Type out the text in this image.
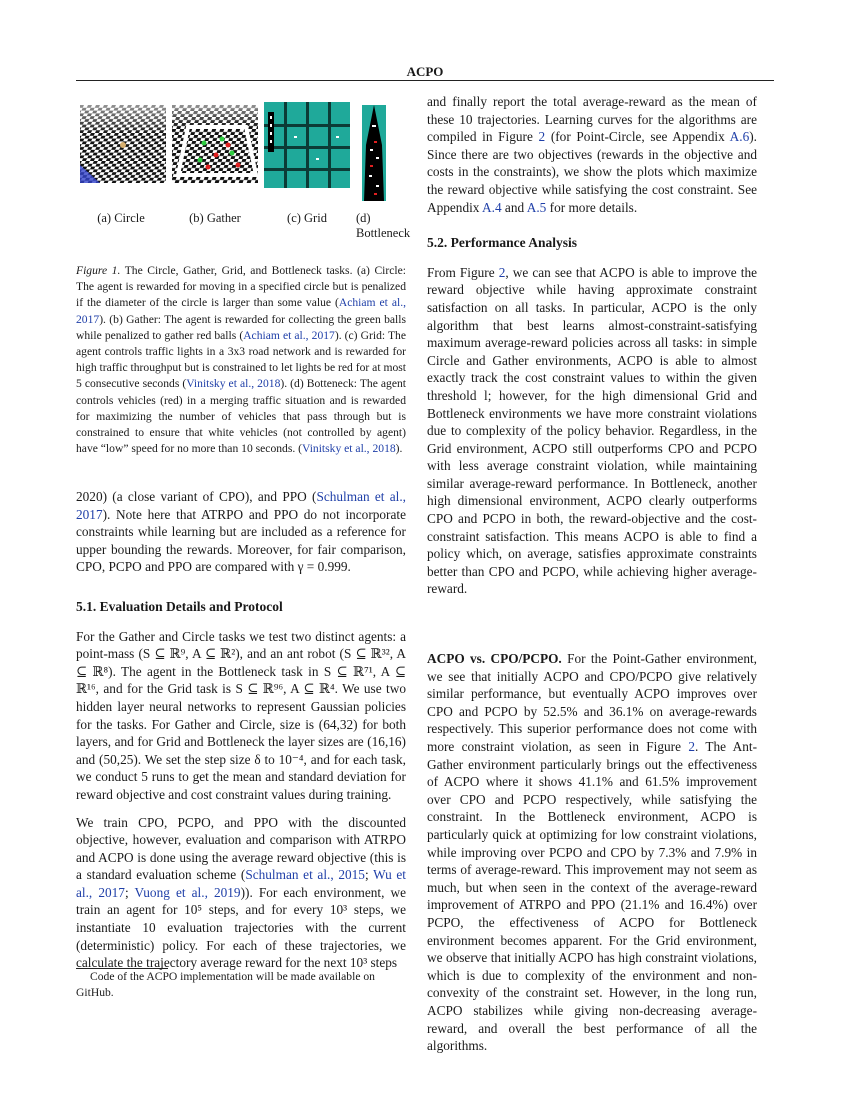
ACPO
(a) Circle	(b) Gather	(c) Grid	(d) Bottleneck
Figure 1. The Circle, Gather, Grid, and Bottleneck tasks. (a) Circle: The agent is rewarded for moving in a specified circle but is penalized if the diameter of the circle is larger than some value (Achiam et al., 2017). (b) Gather: The agent is rewarded for collecting the green balls while penalized to gather red balls (Achiam et al., 2017). (c) Grid: The agent controls traffic lights in a 3x3 road network and is rewarded for high traffic throughput but is constrained to let lights be red for at most 5 consecutive seconds (Vinitsky et al., 2018). (d) Botteneck: The agent controls vehicles (red) in a merging traffic situation and is rewarded for maximizing the number of vehicles that pass through but is constrained to ensure that white vehicles (not controlled by agent) have “low” speed for no more than 10 seconds. (Vinitsky et al., 2018).

2020) (a close variant of CPO), and PPO (Schulman et al., 2017). Note here that ATRPO and PPO do not incorporate constraints while learning but are included as a reference for upper bounding the rewards. Moreover, for fair comparison, CPO, PCPO and PPO are compared with γ = 0.999.

5.1. Evaluation Details and Protocol

For the Gather and Circle tasks we test two distinct agents: a point-mass (S ⊆ ℝ⁹, A ⊆ ℝ²), and an ant robot (S ⊆ ℝ³², A ⊆ ℝ⁸). The agent in the Bottleneck task in S ⊆ ℝ⁷¹, A ⊆ ℝ¹⁶, and for the Grid task is S ⊆ ℝ⁹⁶, A ⊆ ℝ⁴. We use two hidden layer neural networks to represent Gaussian policies for the tasks. For Gather and Circle, size is (64,32) for both layers, and for Grid and Bottleneck the layer sizes are (16,16) and (50,25). We set the step size δ to 10⁻⁴, and for each task, we conduct 5 runs to get the mean and standard deviation for reward objective and cost constraint values during training.

We train CPO, PCPO, and PPO with the discounted objective, however, evaluation and comparison with ATRPO and ACPO is done using the average reward objective (this is a standard evaluation scheme (Schulman et al., 2015; Wu et al., 2017; Vuong et al., 2019)). For each environment, we train an agent for 10⁵ steps, and for every 10³ steps, we instantiate 10 evaluation trajectories with the current (deterministic) policy. For each of these trajectories, we calculate the trajectory average reward for the next 10³ steps

Code of the ACPO implementation will be made available on GitHub.

and finally report the total average-reward as the mean of these 10 trajectories. Learning curves for the algorithms are compiled in Figure 2 (for Point-Circle, see Appendix A.6). Since there are two objectives (rewards in the objective and costs in the constraints), we show the plots which maximize the reward objective while satisfying the cost constraint. See Appendix A.4 and A.5 for more details.

5.2. Performance Analysis

From Figure 2, we can see that ACPO is able to improve the reward objective while having approximate constraint satisfaction on all tasks. In particular, ACPO is the only algorithm that best learns almost-constraint-satisfying maximum average-reward policies across all tasks: in simple Circle and Gather environments, ACPO is able to almost exactly track the cost constraint values to within the given threshold l; however, for the high dimensional Grid and Bottleneck environments we have more constraint violations due to complexity of the policy behavior. Regardless, in the Grid environment, ACPO still outperforms CPO and PCPO with less average constraint violation, while maintaining similar average-reward performance. In Bottleneck, another high dimensional environment, ACPO clearly outperforms CPO and PCPO in both, the reward-objective and the cost-constraint satisfaction. This means ACPO is able to find a policy which, on average, satisfies approximate constraints better than CPO and PCPO, while achieving higher average-reward.

ACPO vs. CPO/PCPO. For the Point-Gather environment, we see that initially ACPO and CPO/PCPO give relatively similar performance, but eventually ACPO improves over CPO and PCPO by 52.5% and 36.1% on average-rewards respectively. This superior performance does not come with more constraint violation, as seen in Figure 2. The Ant-Gather environment particularly brings out the effectiveness of ACPO where it shows 41.1% and 61.5% improvement over CPO and PCPO respectively, while satisfying the constraint. In the Bottleneck environment, ACPO is particularly quick at optimizing for low constraint violations, while improving over PCPO and CPO by 7.3% and 7.9% in terms of average-reward. This improvement may not seem as much, but when seen in the context of the average-reward improvement of ATRPO and PPO (21.1% and 16.4%) over PCPO, the effectiveness of ACPO for Bottleneck environment becomes apparent. For the Grid environment, we observe that initially ACPO has high constraint violations, which is due to complexity of the environment and non-convexity of the constraint set. However, in the long run, ACPO stabilizes while giving non-decreasing average-reward, and overall the best performance of all the algorithms.
